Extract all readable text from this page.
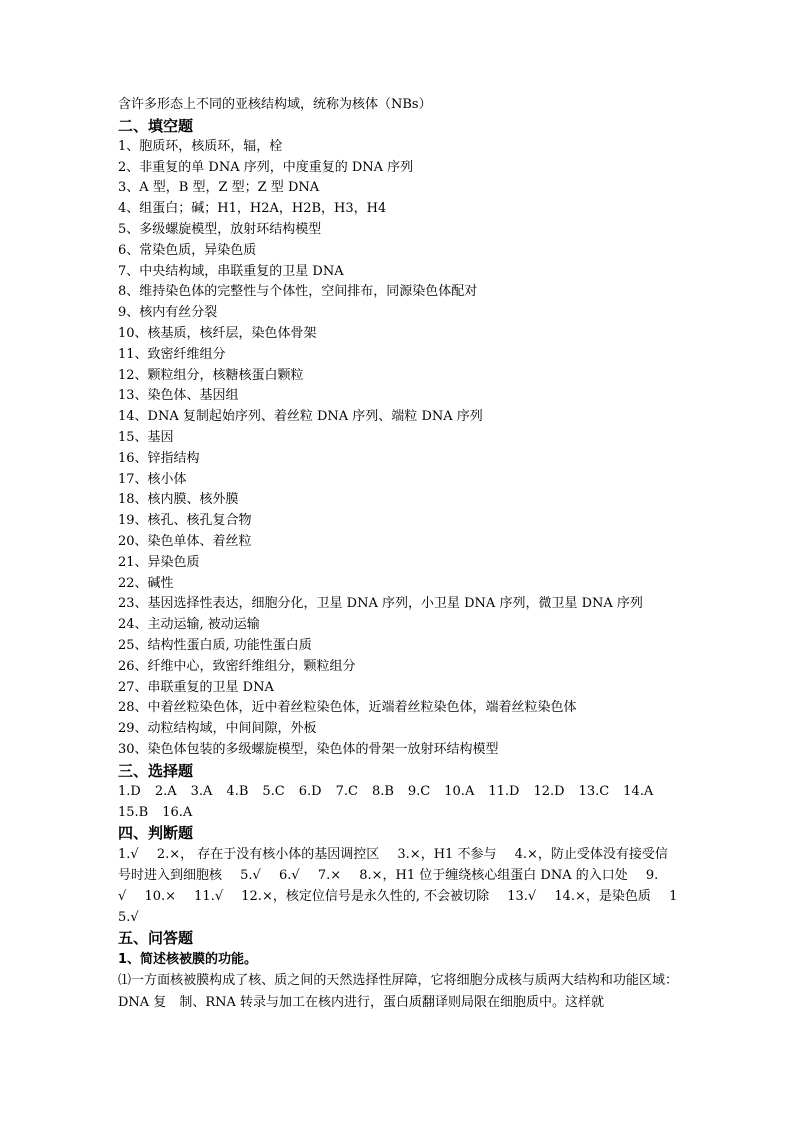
含许多形态上不同的亚核结构域，统称为核体（NBs）
二、填空题
1、胞质环，核质环，辐，栓
2、非重复的单 DNA 序列，中度重复的 DNA 序列
3、A 型，B 型，Z 型；Z 型 DNA
4、组蛋白；碱；H1，H2A，H2B，H3，H4
5、多级螺旋模型，放射环结构模型
6、常染色质，异染色质
7、中央结构域，串联重复的卫星 DNA
8、维持染色体的完整性与个体性，空间排布，同源染色体配对
9、核内有丝分裂
10、核基质，核纤层，染色体骨架
11、致密纤维组分
12、颗粒组分，核糖核蛋白颗粒
13、染色体、基因组
14、DNA 复制起始序列、着丝粒 DNA 序列、端粒 DNA 序列
15、基因
16、锌指结构
17、核小体
18、核内膜、核外膜
19、核孔、核孔复合物
20、染色单体、着丝粒
21、异染色质
22、碱性
23、基因选择性表达，细胞分化，卫星 DNA 序列，小卫星 DNA 序列，微卫星 DNA 序列
24、主动运输, 被动运输
25、结构性蛋白质, 功能性蛋白质
26、纤维中心，致密纤维组分，颗粒组分
27、串联重复的卫星 DNA
28、中着丝粒染色体，近中着丝粒染色体，近端着丝粒染色体，端着丝粒染色体
29、动粒结构域，中间间隙，外板
30、染色体包装的多级螺旋模型，染色体的骨架一放射环结构模型
三、选择题
1.D 2.A 3.A 4.B 5.C 6.D 7.C 8.B 9.C 10.A 11.D 12.D 13.C 14.A
15.B 16.A
四、判断题
1.√ 2.×， 存在于没有核小体的基因调控区 3.×，H1 不参与 4.×，防止受体没有接受信号时进入到细胞核 5.√ 6.√ 7.× 8.×，H1 位于缠绕核心组蛋白 DNA 的入口处 9.√ 10.× 11.√ 12.×，核定位信号是永久性的, 不会被切除 13.√ 14.×，是染色质 15.√
五、问答题
1、简述核被膜的功能。
⑴一方面核被膜构成了核、质之间的天然选择性屏障，它将细胞分成核与质两大结构和功能区域：DNA 复　制、RNA 转录与加工在核内进行，蛋白质翻译则局限在细胞质中。这样就
